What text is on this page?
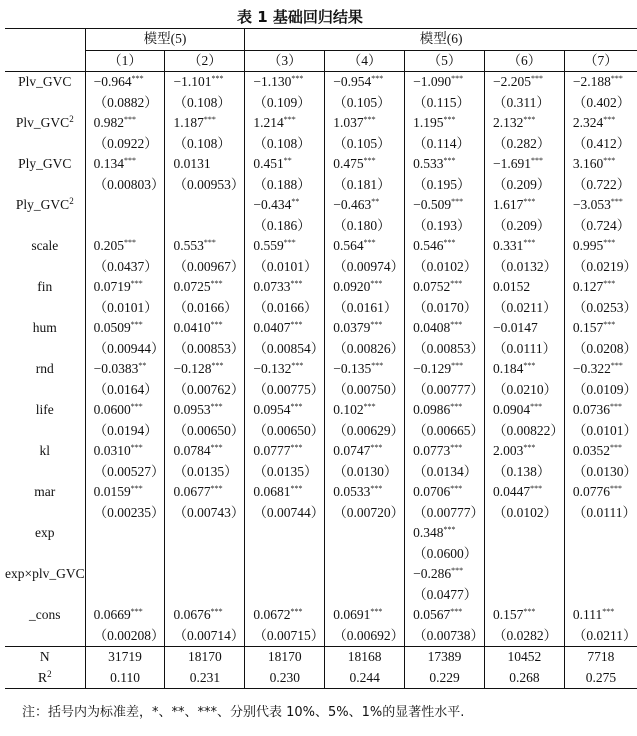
表 1 基础回归结果
	模型(5)		模型(6)				
	（1）	（2）	（3）	（4）	（5）	（6）	（7）
Plv_GVC	−0.964***	−1.101***	−1.130***	−0.954***	−1.090***	−2.205***	−2.188***
	（0.0882）	（0.108）	（0.109）	（0.105）	（0.115）	（0.311）	（0.402）
Plv_GVC$^2$	0.982***	1.187***	1.214***	1.037***	1.195***	2.132***	2.324***
	（0.0922）	（0.108）	（0.108）	（0.105）	（0.114）	（0.282）	（0.412）
Ply_GVC	0.134***	0.0131	0.451**	0.475***	0.533***	−1.691***	3.160***
	（0.00803）	（0.00953）	（0.188）	（0.181）	（0.195）	（0.209）	（0.722）
Ply_GVC$^2$			−0.434**	−0.463**	−0.509***	1.617***	−3.053***
			（0.186）	（0.180）	（0.193）	（0.209）	（0.724）
scale	0.205***	0.553***	0.559***	0.564***	0.546***	0.331***	0.995***
	（0.0437）	（0.00967）	（0.0101）	（0.00974）	（0.0102）	（0.0132）	（0.0219）
fin	0.0719***	0.0725***	0.0733***	0.0920***	0.0752***	0.0152	0.127***
	（0.0101）	（0.0166）	（0.0166）	（0.0161）	（0.0170）	（0.0211）	（0.0253）
hum	0.0509***	0.0410***	0.0407***	0.0379***	0.0408***	−0.0147	0.157***
	（0.00944）	（0.00853）	（0.00854）	（0.00826）	（0.00853）	（0.0111）	（0.0208）
rnd	−0.0383**	−0.128***	−0.132***	−0.135***	−0.129***	0.184***	−0.322***
	（0.0164）	（0.00762）	（0.00775）	（0.00750）	（0.00777）	（0.0210）	（0.0109）
life	0.0600***	0.0953***	0.0954***	0.102***	0.0986***	0.0904***	0.0736***
	（0.0194）	（0.00650）	（0.00650）	（0.00629）	（0.00665）	（0.00822）	（0.0101）
kl	0.0310***	0.0784***	0.0777***	0.0747***	0.0773***	2.003***	0.0352***
	（0.00527）	（0.0135）	（0.0135）	（0.0130）	（0.0134）	（0.138）	（0.0130）
mar	0.0159***	0.0677***	0.0681***	0.0533***	0.0706***	0.0447***	0.0776***
	（0.00235）	（0.00743）	（0.00744）	（0.00720）	（0.00777）	（0.0102）	（0.0111）
exp					0.348***		
					（0.0600）		
exp×plv_GVC					−0.286***		
					（0.0477）		
_cons	0.0669***	0.0676***	0.0672***	0.0691***	0.0567***	0.157***	0.111***
	（0.00208）	（0.00714）	（0.00715）	（0.00692）	（0.00738）	（0.0282）	（0.0211）
N	31719	18170	18170	18168	17389	10452	7718
$R^2$	0.110	0.231	0.230	0.244	0.229	0.268	0.275
注：括号内为标准差，*、**、***、分别代表 10%、5%、1%的显著性水平.
